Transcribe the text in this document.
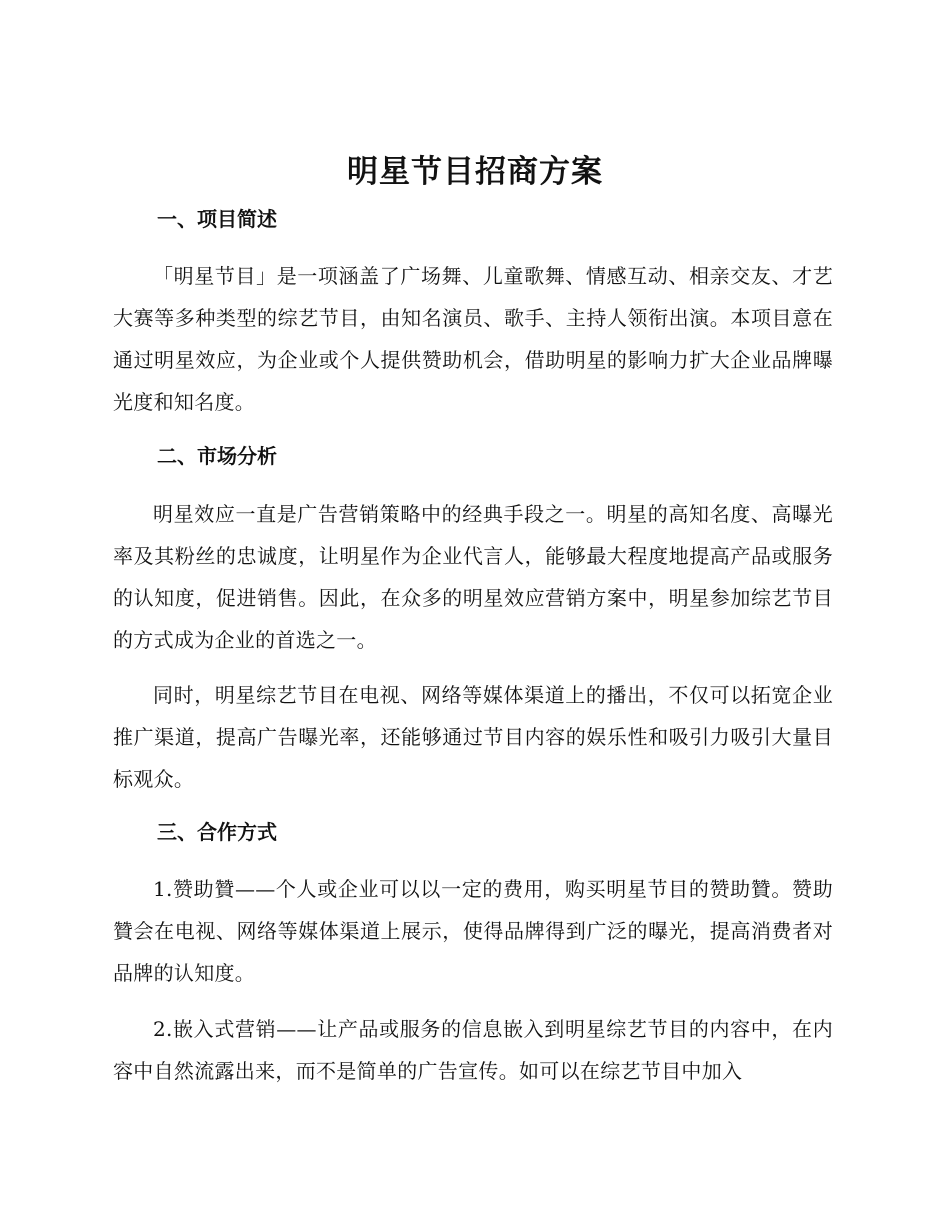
明星节目招商方案
一、项目简述

「明星节目」是一项涵盖了广场舞、儿童歌舞、情感互动、相亲交友、才艺大赛等多种类型的综艺节目，由知名演员、歌手、主持人领衔出演。本项目意在通过明星效应，为企业或个人提供赞助机会，借助明星的影响力扩大企业品牌曝光度和知名度。

二、市场分析

明星效应一直是广告营销策略中的经典手段之一。明星的高知名度、高曝光率及其粉丝的忠诚度，让明星作为企业代言人，能够最大程度地提高产品或服务的认知度，促进销售。因此，在众多的明星效应营销方案中，明星参加综艺节目的方式成为企业的首选之一。

同时，明星综艺节目在电视、网络等媒体渠道上的播出，不仅可以拓宽企业推广渠道，提高广告曝光率，还能够通过节目内容的娱乐性和吸引力吸引大量目标观众。

三、合作方式

1.赞助贊——个人或企业可以以一定的费用，购买明星节目的赞助贊。赞助贊会在电视、网络等媒体渠道上展示，使得品牌得到广泛的曝光，提高消费者对品牌的认知度。

2.嵌入式营销——让产品或服务的信息嵌入到明星综艺节目的内容中，在内容中自然流露出来，而不是简单的广告宣传。如可以在综艺节目中加入
